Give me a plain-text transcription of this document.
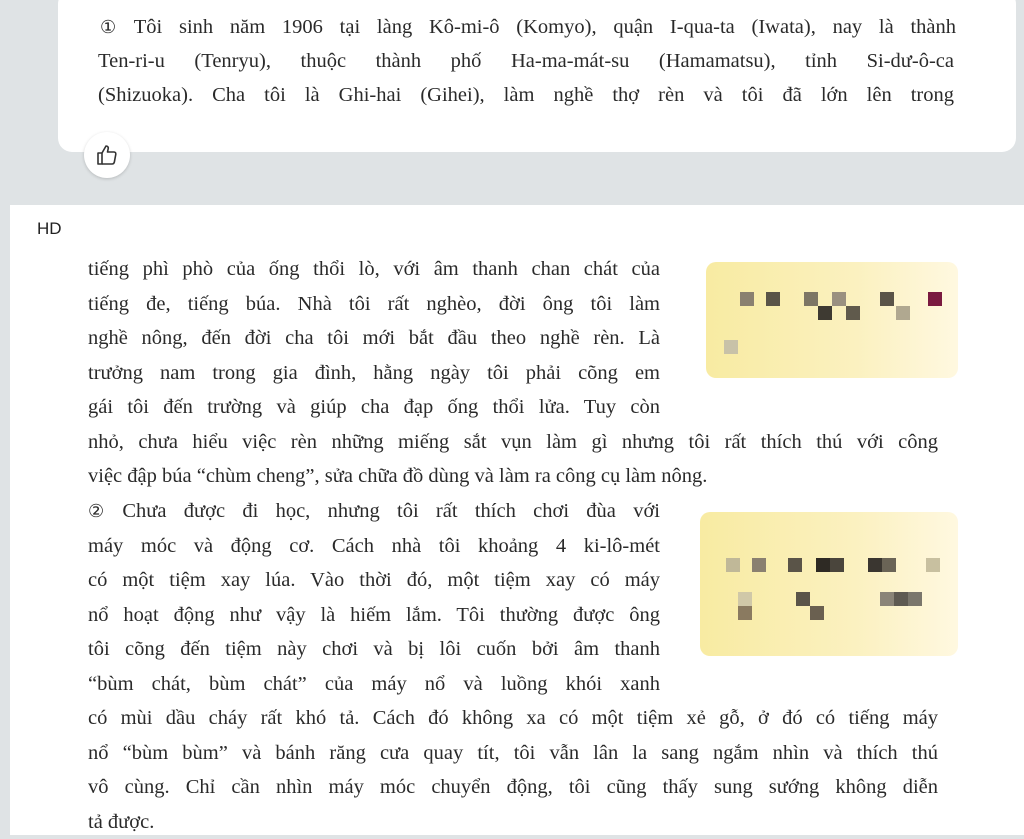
① Tôi sinh năm 1906 tại làng Kô-mi-ô (Komyo), quận I-qua-ta (Iwata), nay là thành
Ten-ri-u (Tenryu), thuộc thành phố Ha-ma-mát-su (Hamamatsu), tỉnh Si-dư-ô-ca
(Shizuoka). Cha tôi là Ghi-hai (Gihei), làm nghề thợ rèn và tôi đã lớn lên trong
HD
tiếng phì phò của ống thổi lò, với âm thanh chan chát của
tiếng đe, tiếng búa. Nhà tôi rất nghèo, đời ông tôi làm
nghề nông, đến đời cha tôi mới bắt đầu theo nghề rèn. Là
trưởng nam trong gia đình, hằng ngày tôi phải cõng em
gái tôi đến trường và giúp cha đạp ống thổi lửa. Tuy còn
nhỏ, chưa hiểu việc rèn những miếng sắt vụn làm gì nhưng tôi rất thích thú với công
việc đập búa “chùm cheng”, sửa chữa đồ dùng và làm ra công cụ làm nông.
② Chưa được đi học, nhưng tôi rất thích chơi đùa với
máy móc và động cơ. Cách nhà tôi khoảng 4 ki-lô-mét
có một tiệm xay lúa. Vào thời đó, một tiệm xay có máy
nổ hoạt động như vậy là hiếm lắm. Tôi thường được ông
tôi cõng đến tiệm này chơi và bị lôi cuốn bởi âm thanh
“bùm chát, bùm chát” của máy nổ và luồng khói xanh
có mùi dầu cháy rất khó tả. Cách đó không xa có một tiệm xẻ gỗ, ở đó có tiếng máy
nổ “bùm bùm” và bánh răng cưa quay tít, tôi vẫn lân la sang ngắm nhìn và thích thú
vô cùng. Chỉ cần nhìn máy móc chuyển động, tôi cũng thấy sung sướng không diễn
tả được.
